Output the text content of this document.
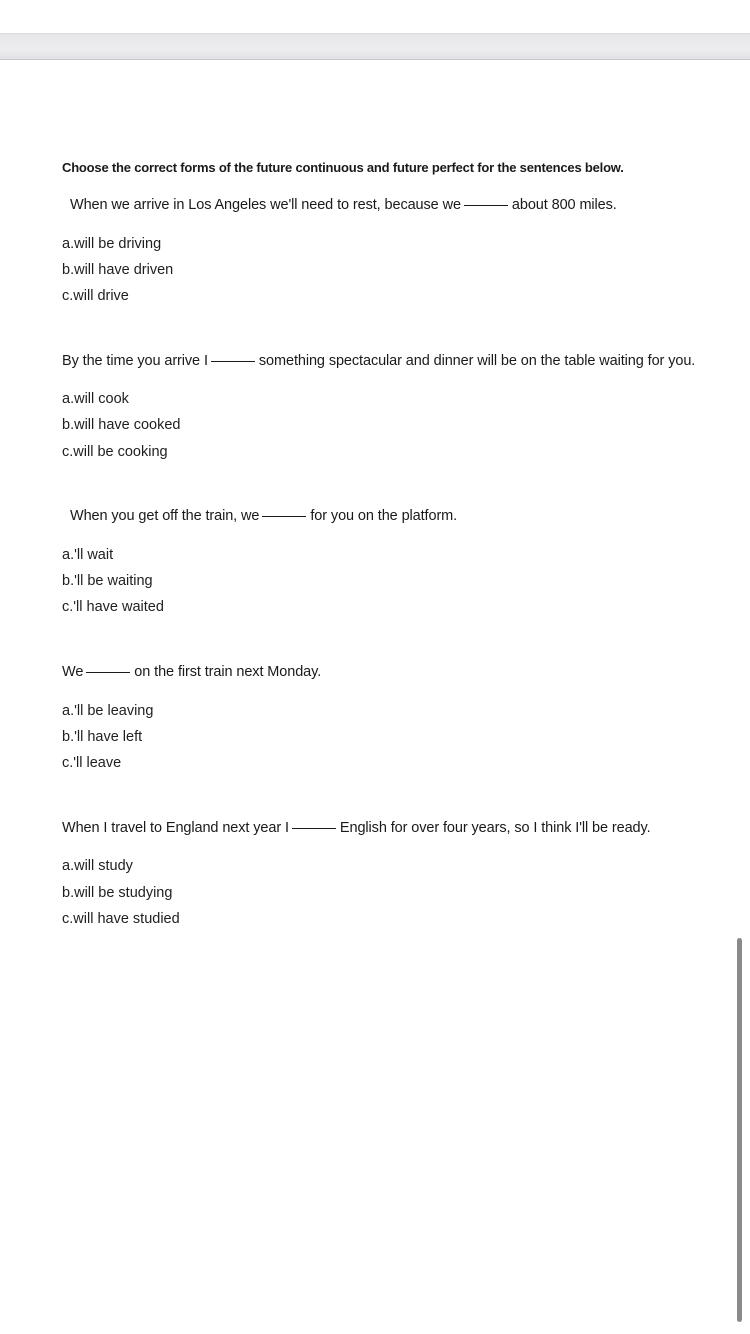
Choose the correct forms of the future continuous and future perfect for the sentences below.
When we arrive in Los Angeles we'll need to rest, because we	about 800 miles.
a.will be driving
b.will have driven
c.will drive
By the time you arrive I	something spectacular and dinner will be on the table waiting for you.
a.will cook
b.will have cooked
c.will be cooking
When you get off the train, we	for you on the platform.
a.'ll wait
b.'ll be waiting
c.'ll have waited
We	on the first train next Monday.
a.'ll be leaving
b.'ll have left
c.'ll leave
When I travel to England next year I	English for over four years, so I think I'll be ready.
a.will study
b.will be studying
c.will have studied
